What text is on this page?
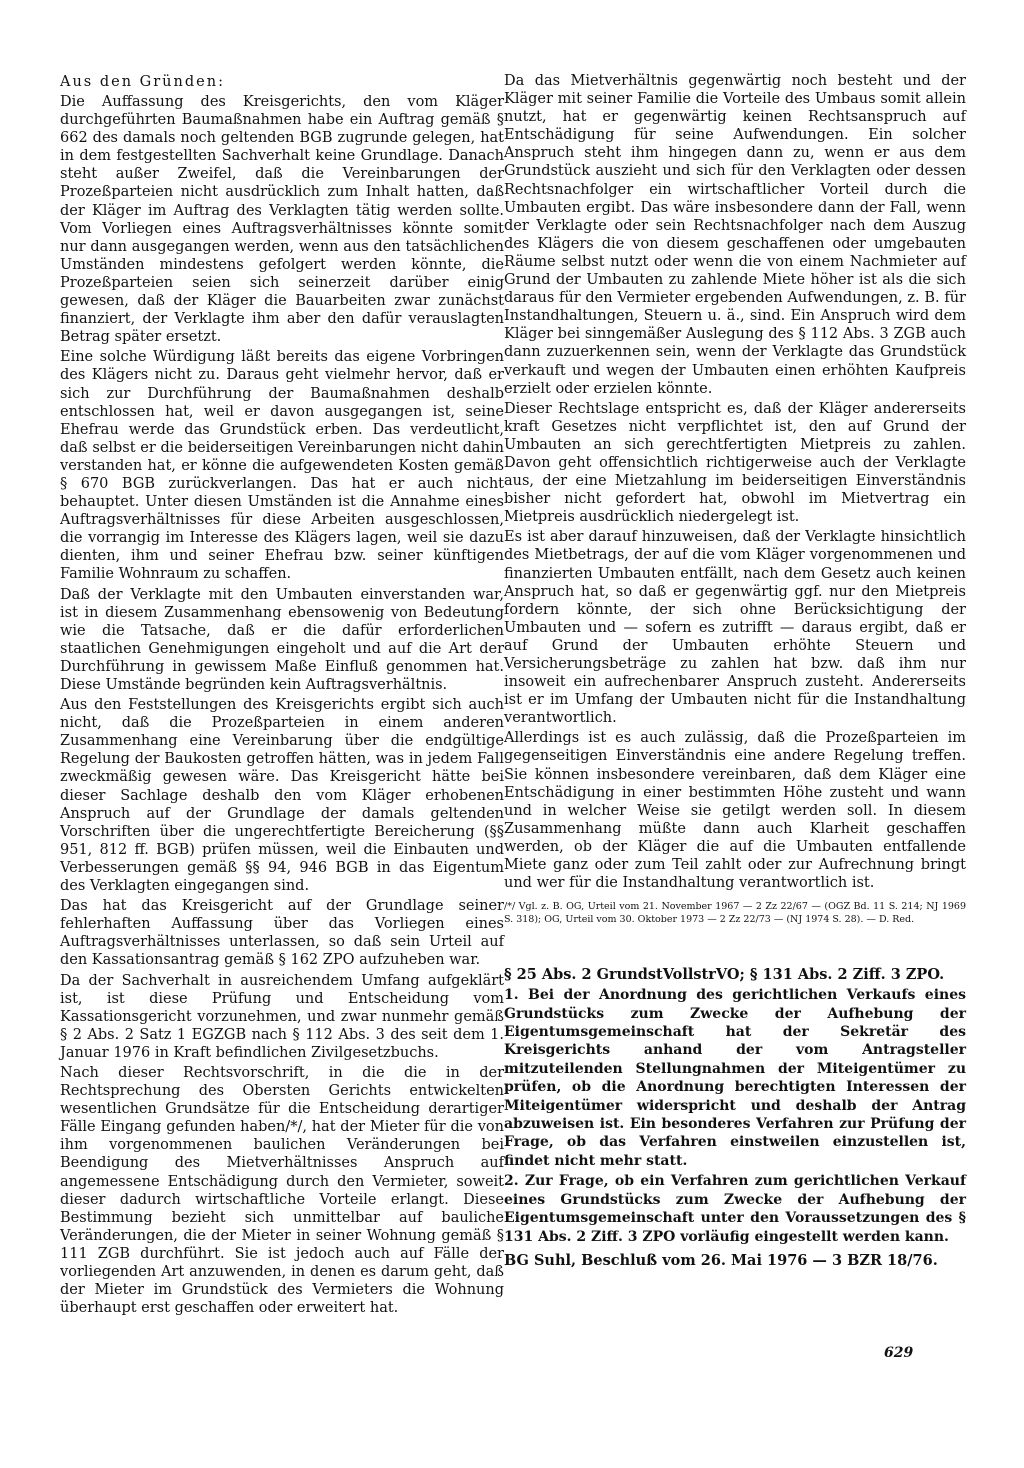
Aus den Gründen:

Die Auffassung des Kreisgerichts, den vom Kläger durchgeführten Baumaßnahmen habe ein Auftrag gemäß § 662 des damals noch geltenden BGB zugrunde gelegen, hat in dem festgestellten Sachverhalt keine Grundlage. Danach steht außer Zweifel, daß die Vereinbarungen der Prozeßparteien nicht ausdrücklich zum Inhalt hatten, daß der Kläger im Auftrag des Verklagten tätig werden sollte. Vom Vorliegen eines Auftragsverhältnisses könnte somit nur dann ausgegangen werden, wenn aus den tatsächlichen Umständen mindestens gefolgert werden könnte, die Prozeßparteien seien sich seinerzeit darüber einig gewesen, daß der Kläger die Bauarbeiten zwar zunächst finanziert, der Verklagte ihm aber den dafür verauslagten Betrag später ersetzt.

Eine solche Würdigung läßt bereits das eigene Vorbringen des Klägers nicht zu. Daraus geht vielmehr hervor, daß er sich zur Durchführung der Baumaßnahmen deshalb entschlossen hat, weil er davon ausgegangen ist, seine Ehefrau werde das Grundstück erben. Das verdeutlicht, daß selbst er die beiderseitigen Vereinbarungen nicht dahin verstanden hat, er könne die aufgewendeten Kosten gemäß § 670 BGB zurückverlangen. Das hat er auch nicht behauptet. Unter diesen Umständen ist die Annahme eines Auftragsverhältnisses für diese Arbeiten ausgeschlossen, die vorrangig im Interesse des Klägers lagen, weil sie dazu dienten, ihm und seiner Ehefrau bzw. seiner künftigen Familie Wohnraum zu schaffen.

Daß der Verklagte mit den Umbauten einverstanden war, ist in diesem Zusammenhang ebensowenig von Bedeutung wie die Tatsache, daß er die dafür erforderlichen staatlichen Genehmigungen eingeholt und auf die Art der Durchführung in gewissem Maße Einfluß genommen hat. Diese Umstände begründen kein Auftragsverhältnis.

Aus den Feststellungen des Kreisgerichts ergibt sich auch nicht, daß die Prozeßparteien in einem anderen Zusammenhang eine Vereinbarung über die endgültige Regelung der Baukosten getroffen hätten, was in jedem Fall zweckmäßig gewesen wäre. Das Kreisgericht hätte bei dieser Sachlage deshalb den vom Kläger erhobenen Anspruch auf der Grundlage der damals geltenden Vorschriften über die ungerechtfertigte Bereicherung (§§ 951, 812 ff. BGB) prüfen müssen, weil die Einbauten und Verbesserungen gemäß §§ 94, 946 BGB in das Eigentum des Verklagten eingegangen sind.

Das hat das Kreisgericht auf der Grundlage seiner fehlerhaften Auffassung über das Vorliegen eines Auftragsverhältnisses unterlassen, so daß sein Urteil auf den Kassationsantrag gemäß § 162 ZPO aufzuheben war.

Da der Sachverhalt in ausreichendem Umfang aufgeklärt ist, ist diese Prüfung und Entscheidung vom Kassationsgericht vorzunehmen, und zwar nunmehr gemäß § 2 Abs. 2 Satz 1 EGZGB nach § 112 Abs. 3 des seit dem 1. Januar 1976 in Kraft befindlichen Zivilgesetzbuchs.

Nach dieser Rechtsvorschrift, in die die in der Rechtsprechung des Obersten Gerichts entwickelten wesentlichen Grundsätze für die Entscheidung derartiger Fälle Eingang gefunden haben/*/, hat der Mieter für die von ihm vorgenommenen baulichen Veränderungen bei Beendigung des Mietverhältnisses Anspruch auf angemessene Entschädigung durch den Vermieter, soweit dieser dadurch wirtschaftliche Vorteile erlangt. Diese Bestimmung bezieht sich unmittelbar auf bauliche Veränderungen, die der Mieter in seiner Wohnung gemäß § 111 ZGB durchführt. Sie ist jedoch auch auf Fälle der vorliegenden Art anzuwenden, in denen es darum geht, daß der Mieter im Grundstück des Vermieters die Wohnung überhaupt erst geschaffen oder erweitert hat.

Da das Mietverhältnis gegenwärtig noch besteht und der Kläger mit seiner Familie die Vorteile des Umbaus somit allein nutzt, hat er gegenwärtig keinen Rechtsanspruch auf Entschädigung für seine Aufwendungen. Ein solcher Anspruch steht ihm hingegen dann zu, wenn er aus dem Grundstück auszieht und sich für den Verklagten oder dessen Rechtsnachfolger ein wirtschaftlicher Vorteil durch die Umbauten ergibt. Das wäre insbesondere dann der Fall, wenn der Verklagte oder sein Rechtsnachfolger nach dem Auszug des Klägers die von diesem geschaffenen oder umgebauten Räume selbst nutzt oder wenn die von einem Nachmieter auf Grund der Umbauten zu zahlende Miete höher ist als die sich daraus für den Vermieter ergebenden Aufwendungen, z. B. für Instandhaltungen, Steuern u. ä., sind. Ein Anspruch wird dem Kläger bei sinngemäßer Auslegung des § 112 Abs. 3 ZGB auch dann zuzuerkennen sein, wenn der Verklagte das Grundstück verkauft und wegen der Umbauten einen erhöhten Kaufpreis erzielt oder erzielen könnte.

Dieser Rechtslage entspricht es, daß der Kläger andererseits kraft Gesetzes nicht verpflichtet ist, den auf Grund der Umbauten an sich gerechtfertigten Mietpreis zu zahlen. Davon geht offensichtlich richtigerweise auch der Verklagte aus, der eine Mietzahlung im beiderseitigen Einverständnis bisher nicht gefordert hat, obwohl im Mietvertrag ein Mietpreis ausdrücklich niedergelegt ist.

Es ist aber darauf hinzuweisen, daß der Verklagte hinsichtlich des Mietbetrags, der auf die vom Kläger vorgenommenen und finanzierten Umbauten entfällt, nach dem Gesetz auch keinen Anspruch hat, so daß er gegenwärtig ggf. nur den Mietpreis fordern könnte, der sich ohne Berücksichtigung der Umbauten und — sofern es zutrifft — daraus ergibt, daß er auf Grund der Umbauten erhöhte Steuern und Versicherungsbeträge zu zahlen hat bzw. daß ihm nur insoweit ein aufrechenbarer Anspruch zusteht. Andererseits ist er im Umfang der Umbauten nicht für die Instandhaltung verantwortlich.

Allerdings ist es auch zulässig, daß die Prozeßparteien im gegenseitigen Einverständnis eine andere Regelung treffen. Sie können insbesondere vereinbaren, daß dem Kläger eine Entschädigung in einer bestimmten Höhe zusteht und wann und in welcher Weise sie getilgt werden soll. In diesem Zusammenhang müßte dann auch Klarheit geschaffen werden, ob der Kläger die auf die Umbauten entfallende Miete ganz oder zum Teil zahlt oder zur Aufrechnung bringt und wer für die Instandhaltung verantwortlich ist.

/*/ Vgl. z. B. OG, Urteil vom 21. November 1967 — 2 Zz 22/67 — (OGZ Bd. 11 S. 214; NJ 1969 S. 318); OG, Urteil vom 30. Oktober 1973 — 2 Zz 22/73 — (NJ 1974 S. 28). — D. Red.

§ 25 Abs. 2 GrundstVollstrVO; § 131 Abs. 2 Ziff. 3 ZPO.

1. Bei der Anordnung des gerichtlichen Verkaufs eines Grundstücks zum Zwecke der Aufhebung der Eigentumsgemeinschaft hat der Sekretär des Kreisgerichts anhand der vom Antragsteller mitzuteilenden Stellungnahmen der Miteigentümer zu prüfen, ob die Anordnung berechtigten Interessen der Miteigentümer widerspricht und deshalb der Antrag abzuweisen ist. Ein besonderes Verfahren zur Prüfung der Frage, ob das Verfahren einstweilen einzustellen ist, findet nicht mehr statt.

2. Zur Frage, ob ein Verfahren zum gerichtlichen Verkauf eines Grundstücks zum Zwecke der Aufhebung der Eigentumsgemeinschaft unter den Voraussetzungen des § 131 Abs. 2 Ziff. 3 ZPO vorläufig eingestellt werden kann.

BG Suhl, Beschluß vom 26. Mai 1976 — 3 BZR 18/76.

629
